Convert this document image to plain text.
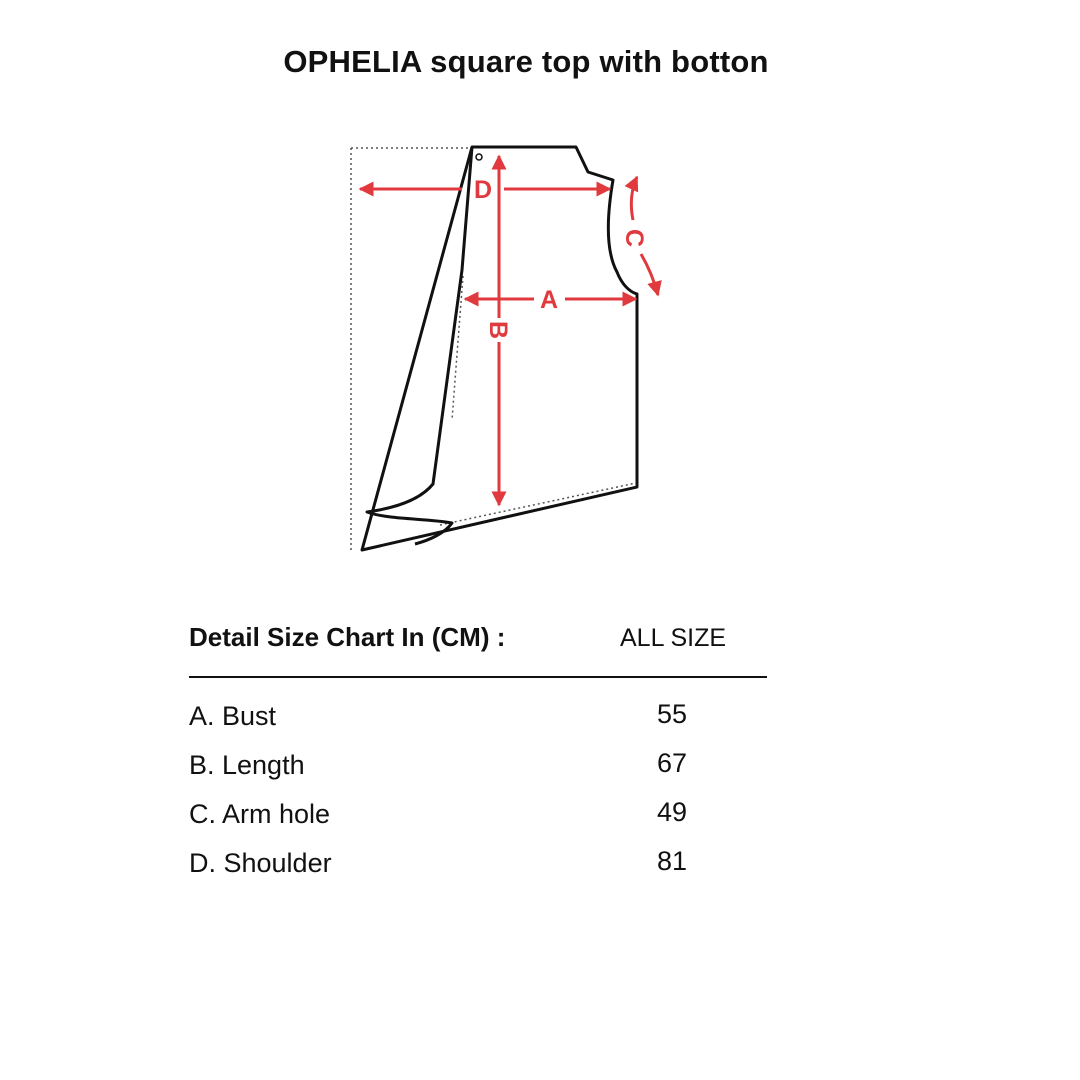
OPHELIA square top with botton
D
A
B
C
Detail Size Chart In (CM) :	ALL SIZE
A. Bust	55
B. Length	67
C. Arm hole	49
D. Shoulder	81
